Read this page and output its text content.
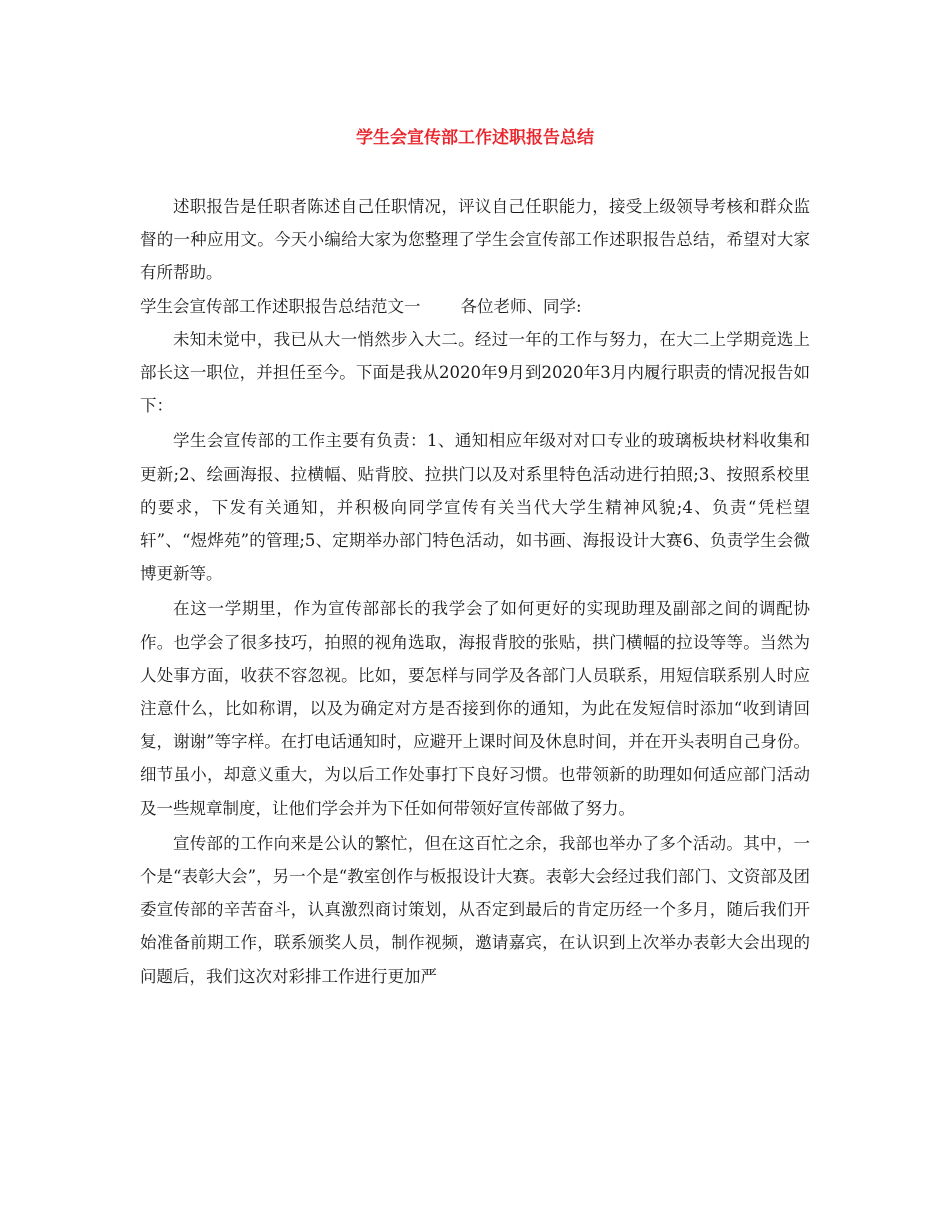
学生会宣传部工作述职报告总结

述职报告是任职者陈述自己任职情况，评议自己任职能力，接受上级领导考核和群众监督的一种应用文。今天小编给大家为您整理了学生会宣传部工作述职报告总结，希望对大家有所帮助。

学生会宣传部工作述职报告总结范文一 各位老师、同学:

未知未觉中，我已从大一悄然步入大二。经过一年的工作与努力，在大二上学期竞选上部长这一职位，并担任至今。下面是我从2020年9月到2020年3月内履行职责的情况报告如下：

学生会宣传部的工作主要有负责：1、通知相应年级对对口专业的玻璃板块材料收集和更新;2、绘画海报、拉横幅、贴背胶、拉拱门以及对系里特色活动进行拍照;3、按照系校里的要求，下发有关通知，并积极向同学宣传有关当代大学生精神风貌;4、负责“凭栏望轩”、“煜烨苑”的管理;5、定期举办部门特色活动，如书画、海报设计大赛6、负责学生会微博更新等。

在这一学期里，作为宣传部部长的我学会了如何更好的实现助理及副部之间的调配协作。也学会了很多技巧，拍照的视角选取，海报背胶的张贴，拱门横幅的拉设等等。当然为人处事方面，收获不容忽视。比如，要怎样与同学及各部门人员联系，用短信联系别人时应注意什么，比如称谓，以及为确定对方是否接到你的通知，为此在发短信时添加“收到请回复，谢谢”等字样。在打电话通知时，应避开上课时间及休息时间，并在开头表明自己身份。细节虽小，却意义重大，为以后工作处事打下良好习惯。也带领新的助理如何适应部门活动及一些规章制度，让他们学会并为下任如何带领好宣传部做了努力。

宣传部的工作向来是公认的繁忙，但在这百忙之余，我部也举办了多个活动。其中，一个是“表彰大会”，另一个是“教室创作与板报设计大赛。表彰大会经过我们部门、文资部及团委宣传部的辛苦奋斗，认真激烈商讨策划，从否定到最后的肯定历经一个多月，随后我们开始准备前期工作，联系颁奖人员，制作视频，邀请嘉宾，在认识到上次举办表彰大会出现的问题后，我们这次对彩排工作进行更加严
